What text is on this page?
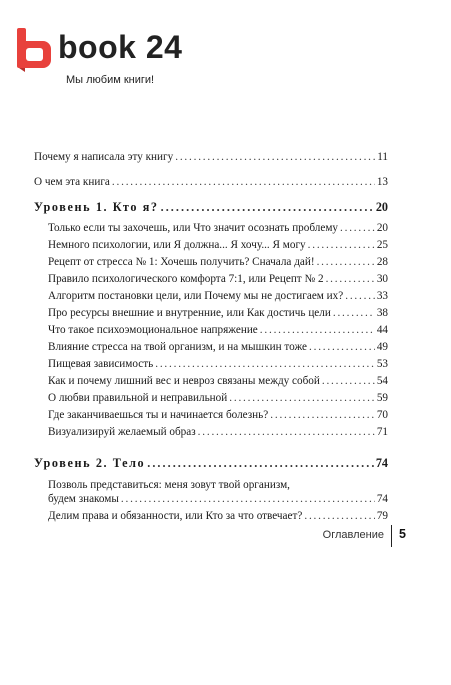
book 24
Мы любим книги!
Почему я написала эту книгу . . .	11
О чем эта книга . . .	13
Уровень 1. Кто я? . . .	20
Только если ты захочешь, или Что значит осознать проблему . . .	20
Немного психологии, или Я должна... Я хочу... Я могу . . .	25
Рецепт от стресса № 1: Хочешь получить? Сначала дай! . . .	28
Правило психологического комфорта 7:1, или Рецепт № 2 . . .	30
Алгоритм постановки цели, или Почему мы не достигаем их? . . .	33
Про ресурсы внешние и внутренние, или Как достичь цели . . .	38
Что такое психоэмоциональное напряжение . . .	44
Влияние стресса на твой организм, и на мышкин тоже . . .	49
Пищевая зависимость . . .	53
Как и почему лишний вес и невроз связаны между собой . . .	54
О любви правильной и неправильной . . .	59
Где заканчиваешься ты и начинается болезнь? . . .	70
Визуализируй желаемый образ . . .	71
Уровень 2. Тело . . .	74
Позволь представиться: меня зовут твой организм,
будем знакомы . . .	74
Делим права и обязанности, или Кто за что отвечает? . . .	79
Оглавление 5
